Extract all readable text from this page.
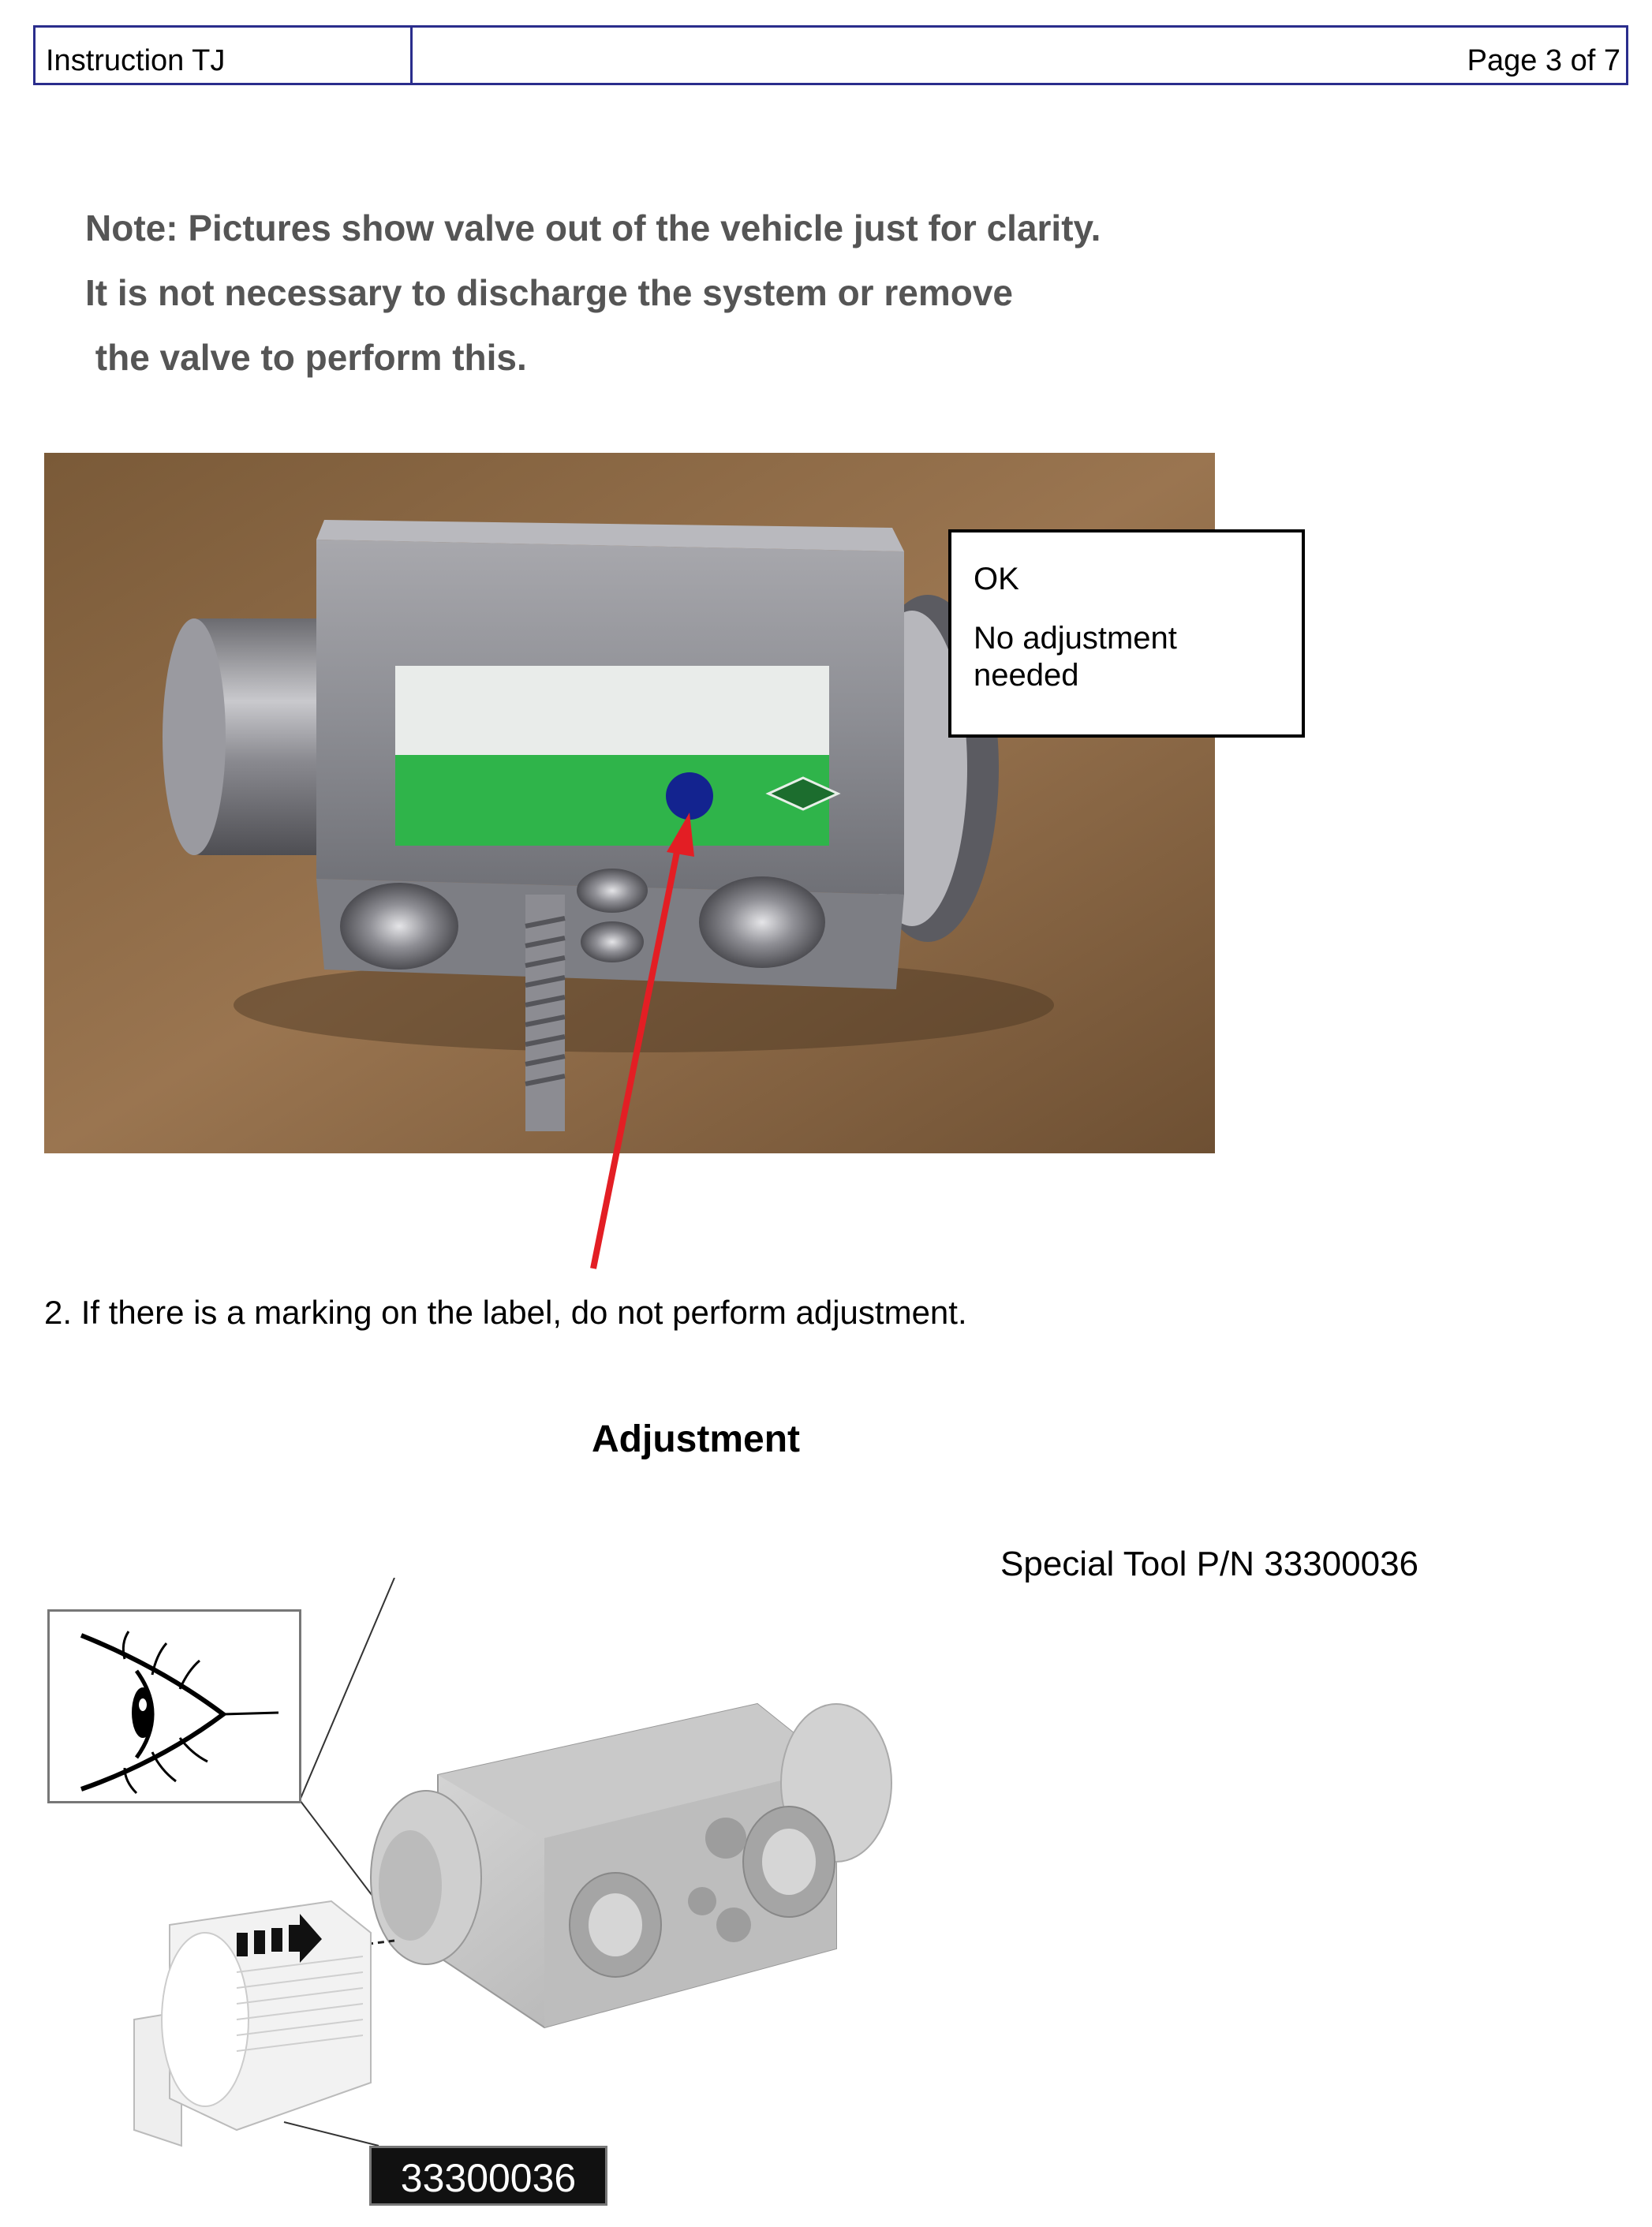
Instruction TJ	Page 3 of 7
Note: Pictures show valve out of the vehicle just for clarity.
It is not necessary to discharge the system or remove
the valve to perform this.
OK
No adjustment needed
2. If there is a marking on the label, do not perform adjustment.
Adjustment
Special Tool P/N 33300036
33300036
